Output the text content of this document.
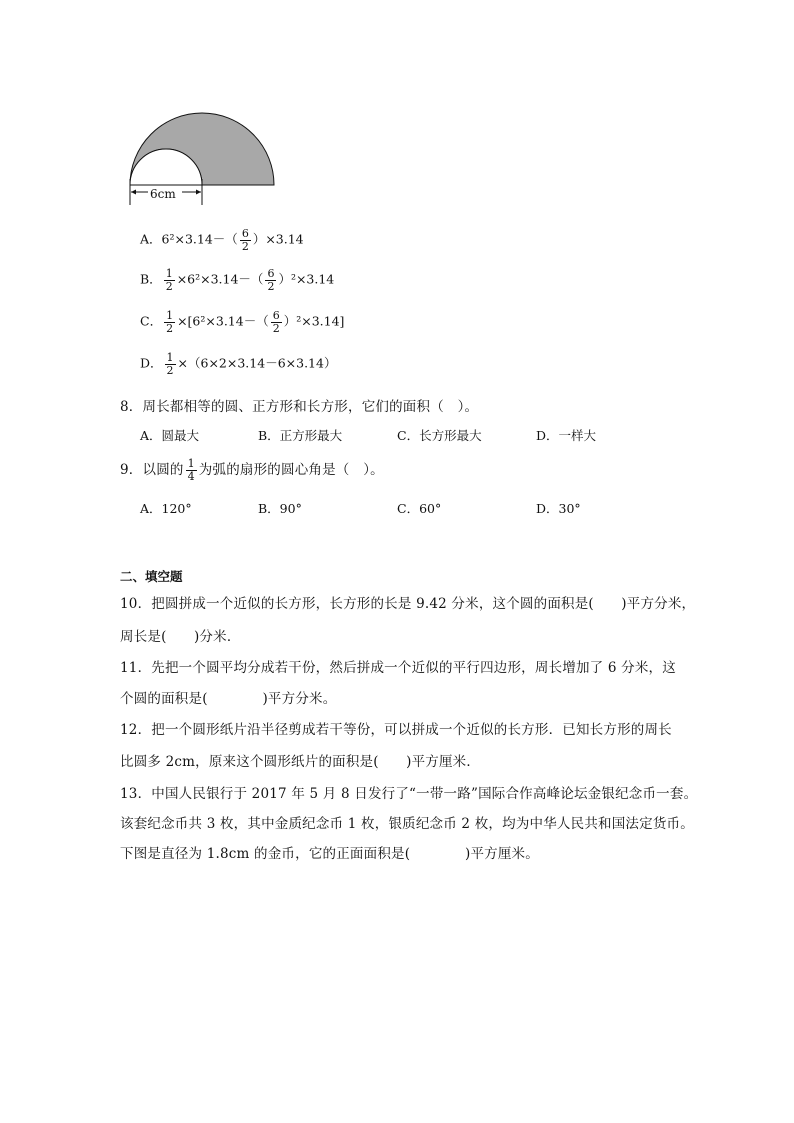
6cm
A．$6^2\times 3.14-( \frac{6}{2} )\times 3.14$
B． $\frac{1}{2} \times 6^2\times 3.14-( \frac{6}{2} )^2\times 3.14$
C． $\frac{1}{2} \times[6^2\times 3.14-( \frac{6}{2} )^2\times 3.14]$
D． $\frac{1}{2} \times(6\times 2\times 3.14-6\times 3.14)$
8．周长都相等的圆、正方形和长方形，它们的面积（　）。
A．圆最大	B．正方形最大	C．长方形最大	D．一样大
9．以圆的 $\frac{1}{4}$ 为弧的扇形的圆心角是（　）。
A．120°	B．90°	C．60°	D．30°
二、填空题
10．把圆拼成一个近似的长方形，长方形的长是 9.42 分米，这个圆的面积是(　　)平方分米，
周长是(　　)分米．
11．先把一个圆平均分成若干份，然后拼成一个近似的平行四边形，周长增加了 6 分米，这
个圆的面积是(　　　　)平方分米。
12．把一个圆形纸片沿半径剪成若干等份，可以拼成一个近似的长方形．已知长方形的周长
比圆多 2cm，原来这个圆形纸片的面积是(　　)平方厘米．
13．中国人民银行于 2017 年 5 月 8 日发行了“一带一路”国际合作高峰论坛金银纪念币一套。
该套纪念币共 3 枚，其中金质纪念币 1 枚，银质纪念币 2 枚，均为中华人民共和国法定货币。
下图是直径为 1.8cm 的金币，它的正面面积是(　　　　)平方厘米。
